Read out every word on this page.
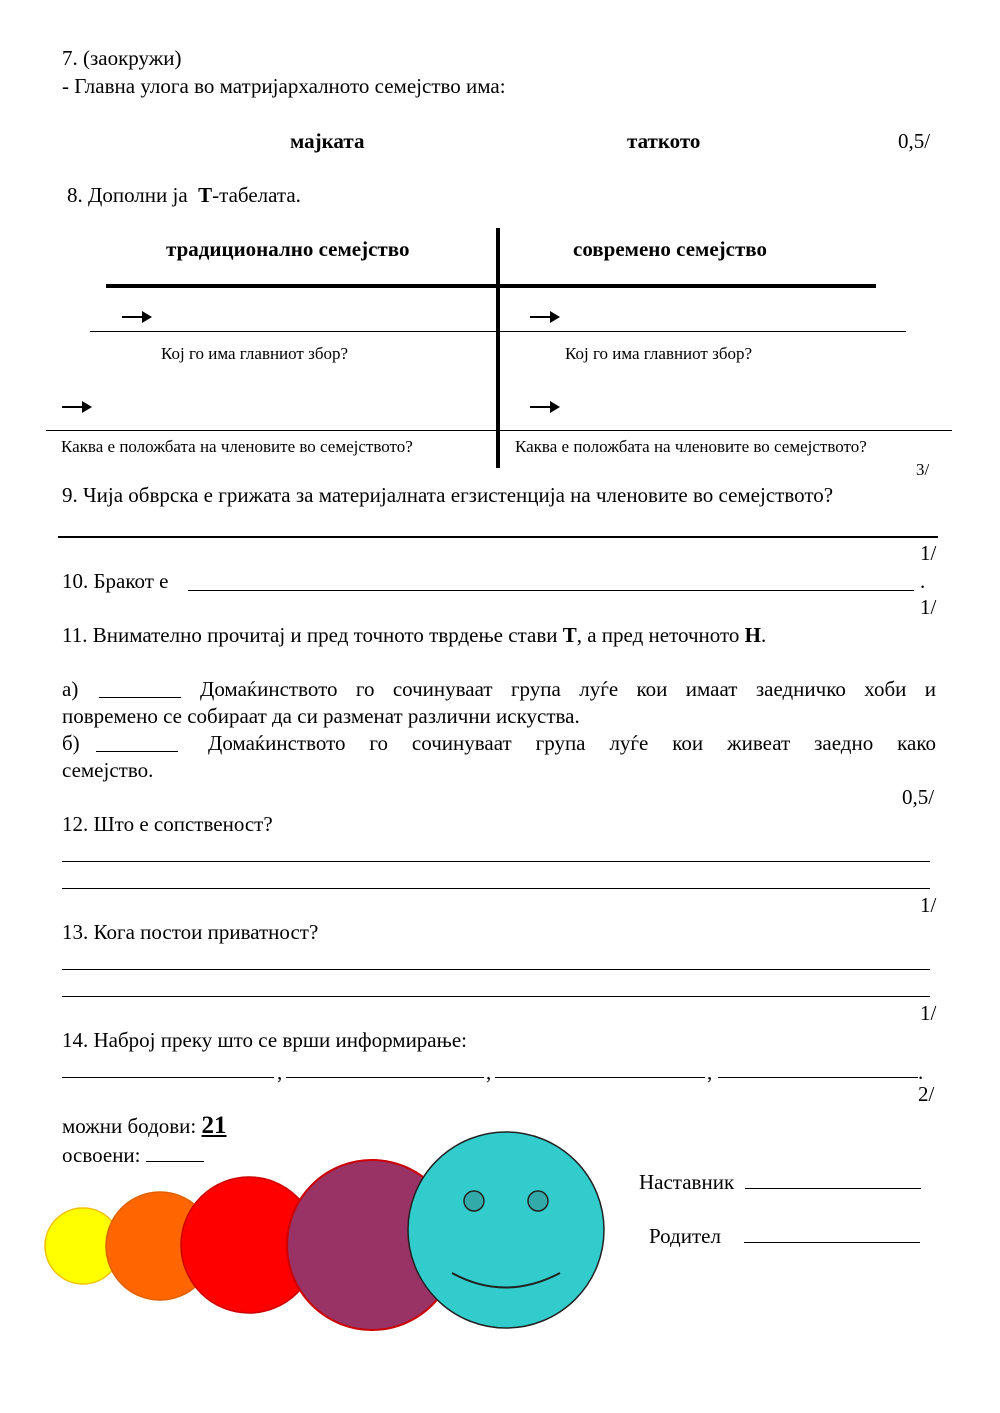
7. (заокружи)
- Главна улога во матријархалното семејство има:
мајката	таткото	0,5/
8. Дополни ја Т-табелата.
традиционално семејство	современо семејство
Кој го има главниот збор?	Кој го има главниот збор?
Каква е положбата на членовите во семејството?	Каква е положбата на членовите во семејството?
3/
9. Чија обврска е грижата за материјалната егзистенција на членовите во семејството?
1/
10. Бракот е	.
1/
11. Внимателно прочитај и пред точното тврдење стави Т, а пред неточното Н.
а)	Домаќинството го сочинуваат група луѓе кои имаат заедничко хоби и
повремено се собираат да си разменат различни искуства.
б)	Домаќинството го сочинуваат група луѓе кои живеат заедно како
семејство.
0,5/
12. Што е сопственост?
1/
13. Кога постои приватност?
1/
14. Наброј преку што се врши информирање:
,	,	,	.
2/
можни бодови: 21
освоени:
Наставник
Родител
